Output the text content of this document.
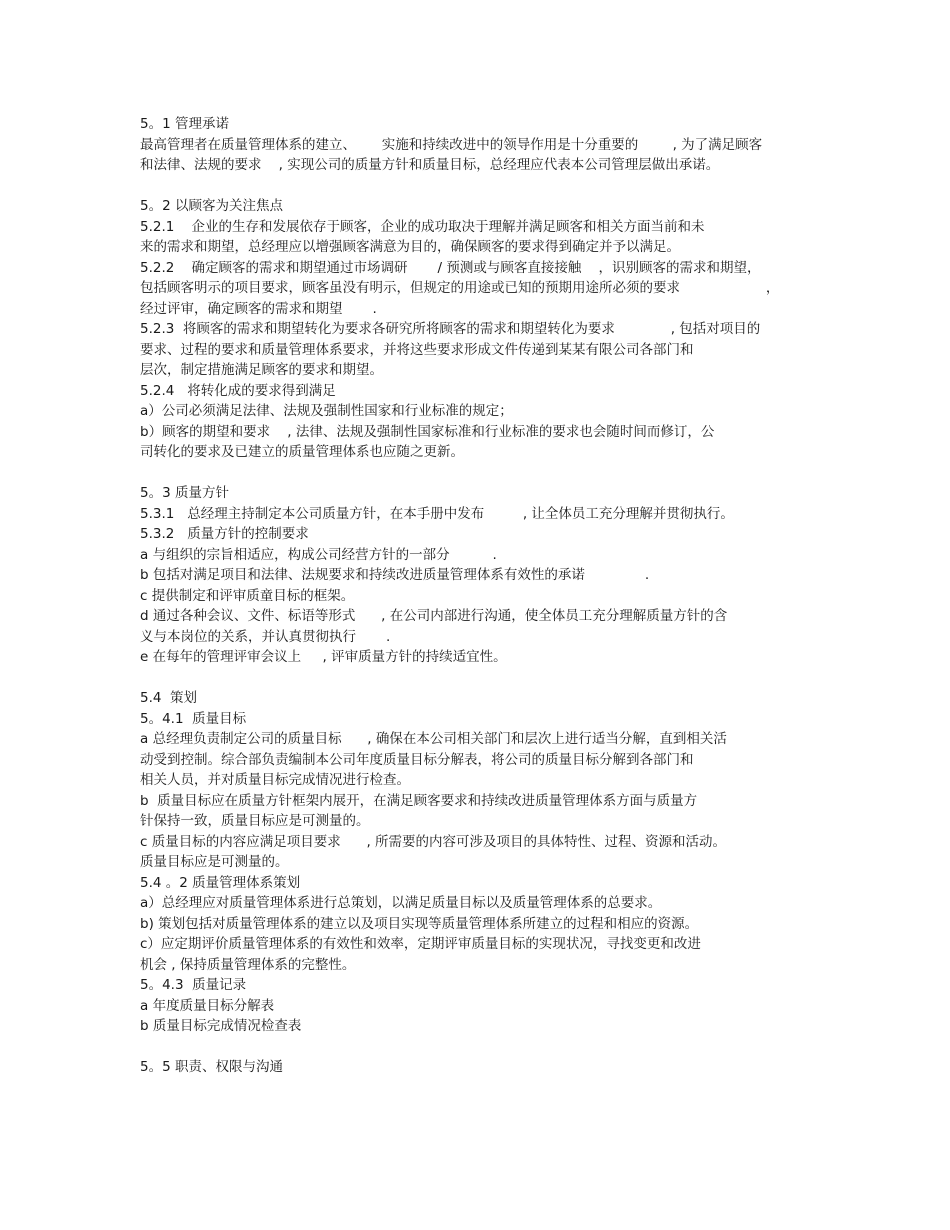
5。1 管理承诺
最高管理者在质量管理体系的建立、      实施和持续改进中的领导作用是十分重要的        , 为了满足顾客
和法律、法规的要求    , 实现公司的质量方针和质量目标，总经理应代表本公司管理层做出承诺。
5。2 以顾客为关注焦点
5.2.1    企业的生存和发展依存于顾客，企业的成功取决于理解并满足顾客和相关方面当前和未
来的需求和期望，总经理应以增强顾客满意为目的，确保顾客的要求得到确定并予以满足。
5.2.2    确定顾客的需求和期望通过市场调研       / 预测或与顾客直接接触    ，识别顾客的需求和期望，
包括顾客明示的项目要求，顾客虽没有明示，但规定的用途或已知的预期用途所必须的要求                    ，
经过评审，确定顾客的需求和期望       .
5.2.3  将顾客的需求和期望转化为要求各研究所将顾客的需求和期望转化为要求             , 包括对项目的
要求、过程的要求和质量管理体系要求，并将这些要求形成文件传递到某某有限公司各部门和
层次，制定措施满足顾客的要求和期望。
5.2.4   将转化成的要求得到满足
a）公司必须满足法律、法规及强制性国家和行业标准的规定；
b）顾客的期望和要求    , 法律、法规及强制性国家标准和行业标准的要求也会随时间而修订，公
司转化的要求及已建立的质量管理体系也应随之更新。
5。3 质量方针
5.3.1   总经理主持制定本公司质量方针，在本手册中发布         , 让全体员工充分理解并贯彻执行。
5.3.2   质量方针的控制要求
a 与组织的宗旨相适应，构成公司经营方针的一部分          .
b 包括对满足项目和法律、法规要求和持续改进质量管理体系有效性的承诺              .
c 提供制定和评审质童目标的框架。
d 通过各种会议、文件、标语等形式      , 在公司内部进行沟通，使全体员工充分理解质量方针的含
义与本岗位的关系，并认真贯彻执行       .
e 在每年的管理评审会议上     , 评审质量方针的持续适宜性。
5.4  策划
5。4.1  质量目标
a 总经理负责制定公司的质量目标      , 确保在本公司相关部门和层次上进行适当分解，直到相关活
动受到控制。综合部负责编制本公司年度质量目标分解表，将公司的质量目标分解到各部门和
相关人员，并对质量目标完成情况进行检查。
b  质量目标应在质量方针框架内展开，在满足顾客要求和持续改进质量管理体系方面与质量方
针保持一致，质量目标应是可测量的。
c 质量目标的内容应满足项目要求      , 所需要的内容可涉及项目的具体特性、过程、资源和活动。
质量目标应是可测量的。
5.4 。2 质量管理体系策划
a）总经理应对质量管理体系进行总策划，以满足质量目标以及质量管理体系的总要求。
b) 策划包括对质量管理体系的建立以及项目实现等质量管理体系所建立的过程和相应的资源。
c）应定期评价质量管理体系的有效性和效率，定期评审质量目标的实现状况，寻找变更和改进
机会 , 保持质量管理体系的完整性。
5。4.3  质量记录
a 年度质量目标分解表
b 质量目标完成情况检查表
5。5 职责、权限与沟通
